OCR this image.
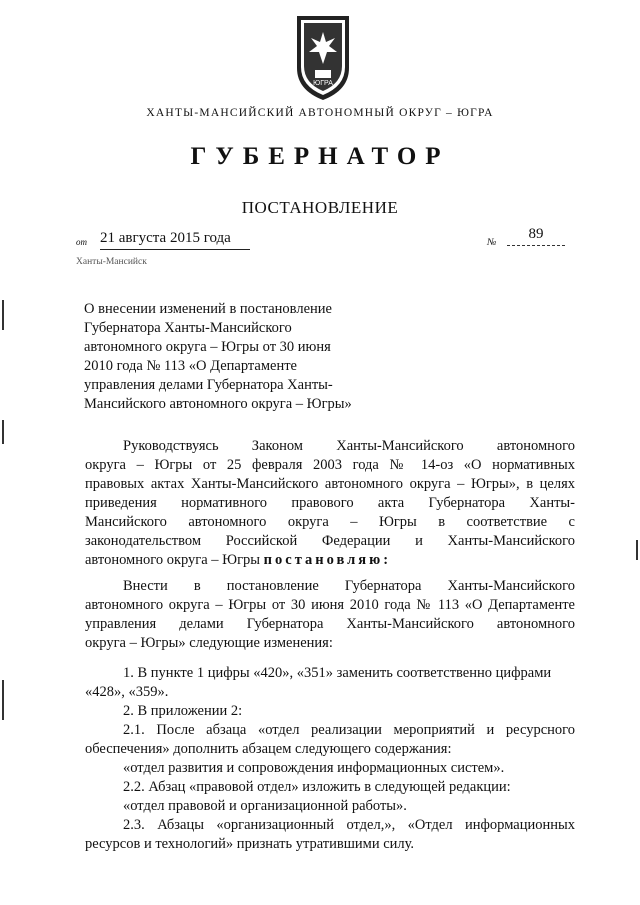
ЮГРА
ХАНТЫ-МАНСИЙСКИЙ АВТОНОМНЫЙ ОКРУГ – ЮГРА
ГУБЕРНАТОР
ПОСТАНОВЛЕНИЕ
от 21 августа 2015 года	№
89
Ханты-Мансийск
О внесении изменений в постановление
Губернатора Ханты-Мансийского
автономного округа – Югры от 30 июня
2010 года № 113 «О Департаменте
управления делами Губернатора Ханты-
Мансийского автономного округа – Югры»
Руководствуясь Законом Ханты-Мансийского автономного
округа – Югры от 25 февраля 2003 года № 14-оз «О нормативных
правовых актах Ханты-Мансийского автономного округа – Югры», в целях
приведения нормативного правового акта Губернатора Ханты-
Мансийского автономного округа – Югры в соответствие с
законодательством Российской Федерации и Ханты-Мансийского
автономного округа – Югры постановляю:
Внести в постановление Губернатора Ханты-Мансийского
автономного округа – Югры от 30 июня 2010 года № 113 «О Департаменте
управления делами Губернатора Ханты-Мансийского автономного
округа – Югры» следующие изменения:
1. В пункте 1 цифры «420», «351» заменить соответственно цифрами
«428», «359».
2. В приложении 2:
2.1. После абзаца «отдел реализации мероприятий и ресурсного
обеспечения» дополнить абзацем следующего содержания:
«отдел развития и сопровождения информационных систем».
2.2. Абзац «правовой отдел» изложить в следующей редакции:
«отдел правовой и организационной работы».
2.3. Абзацы «организационный отдел,», «Отдел информационных
ресурсов и технологий» признать утратившими силу.
